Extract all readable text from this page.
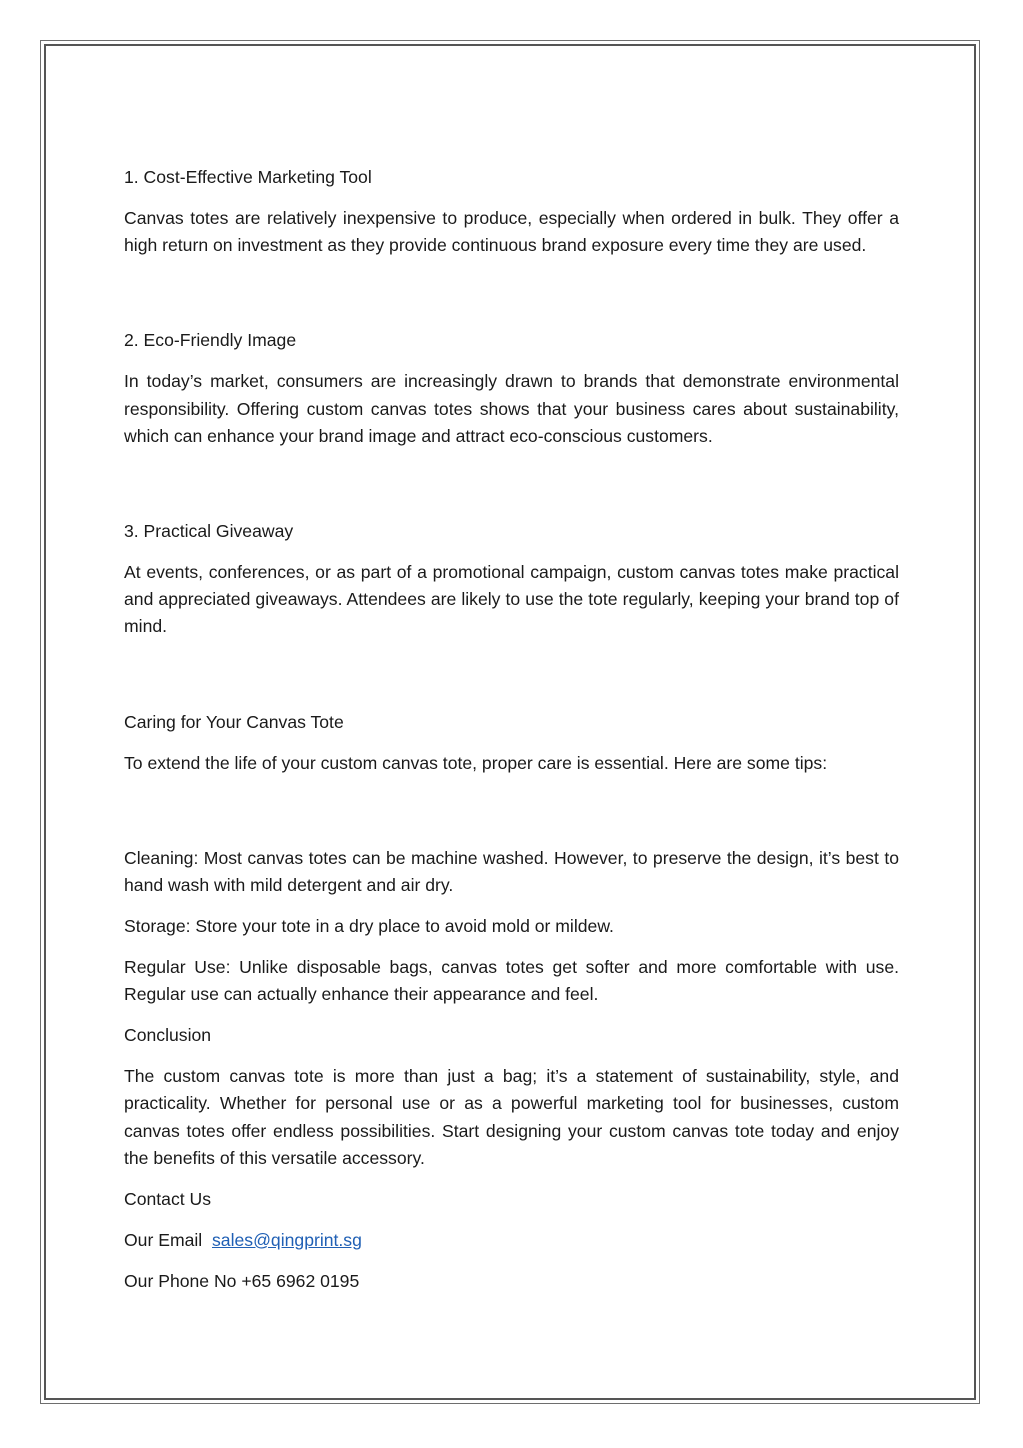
1. Cost-Effective Marketing Tool

Canvas totes are relatively inexpensive to produce, especially when ordered in bulk. They offer a high return on investment as they provide continuous brand exposure every time they are used.

2. Eco-Friendly Image

In today’s market, consumers are increasingly drawn to brands that demonstrate environmental responsibility. Offering custom canvas totes shows that your business cares about sustainability, which can enhance your brand image and attract eco-conscious customers.

3. Practical Giveaway

At events, conferences, or as part of a promotional campaign, custom canvas totes make practical and appreciated giveaways. Attendees are likely to use the tote regularly, keeping your brand top of mind.

Caring for Your Canvas Tote

To extend the life of your custom canvas tote, proper care is essential. Here are some tips:

Cleaning: Most canvas totes can be machine washed. However, to preserve the design, it’s best to hand wash with mild detergent and air dry.

Storage: Store your tote in a dry place to avoid mold or mildew.

Regular Use: Unlike disposable bags, canvas totes get softer and more comfortable with use. Regular use can actually enhance their appearance and feel.

Conclusion

The custom canvas tote is more than just a bag; it’s a statement of sustainability, style, and practicality. Whether for personal use or as a powerful marketing tool for businesses, custom canvas totes offer endless possibilities. Start designing your custom canvas tote today and enjoy the benefits of this versatile accessory.

Contact Us

Our Email sales@qingprint.sg

Our Phone No +65 6962 0195
